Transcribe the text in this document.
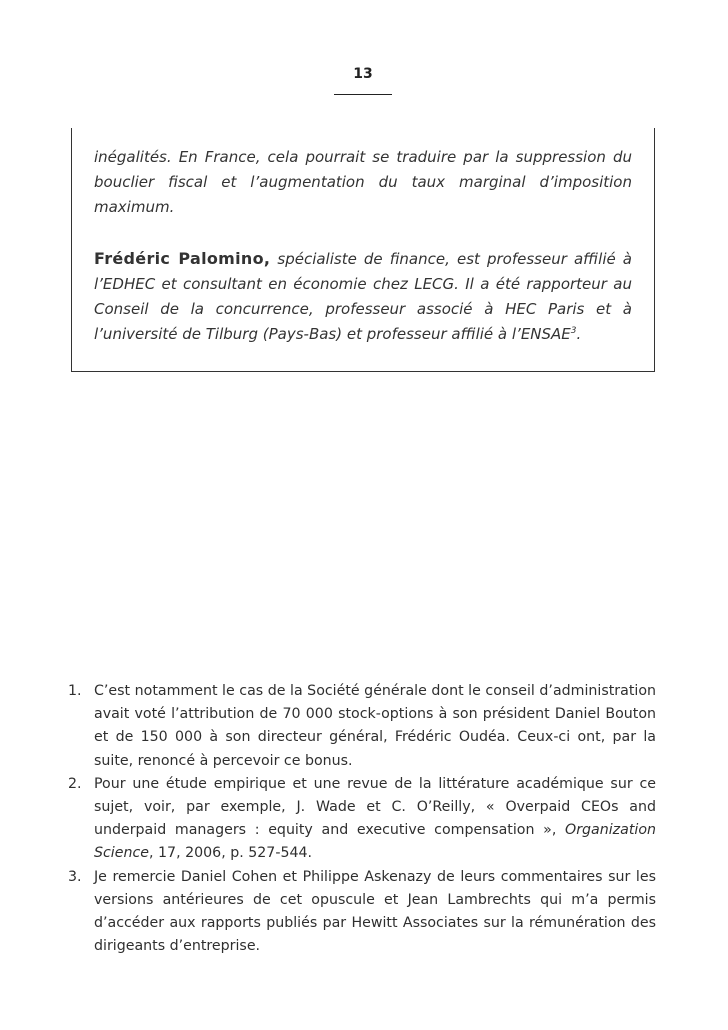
13

inégalités. En France, cela pourrait se traduire par la suppression du bouclier fiscal et l’augmentation du taux marginal d’imposition maximum.

Frédéric Palomino, spécialiste de finance, est professeur affilié à l’EDHEC et consultant en économie chez LECG. Il a été rapporteur au Conseil de la concurrence, professeur associé à HEC Paris et à l’université de Tilburg (Pays-Bas) et professeur affilié à l’ENSAE$^3$.

1. C’est notamment le cas de la Société générale dont le conseil d’administration avait voté l’attribution de 70 000 stock-options à son président Daniel Bouton et de 150 000 à son directeur général, Frédéric Oudéa. Ceux-ci ont, par la suite, renoncé à percevoir ce bonus.

2. Pour une étude empirique et une revue de la littérature académique sur ce sujet, voir, par exemple, J. Wade et C. O’Reilly, « Overpaid CEOs and underpaid managers : equity and executive compensation », Organization Science, 17, 2006, p. 527-544.

3. Je remercie Daniel Cohen et Philippe Askenazy de leurs commentaires sur les versions antérieures de cet opuscule et Jean Lambrechts qui m’a permis d’accéder aux rapports publiés par Hewitt Associates sur la rémunération des dirigeants d’entreprise.
